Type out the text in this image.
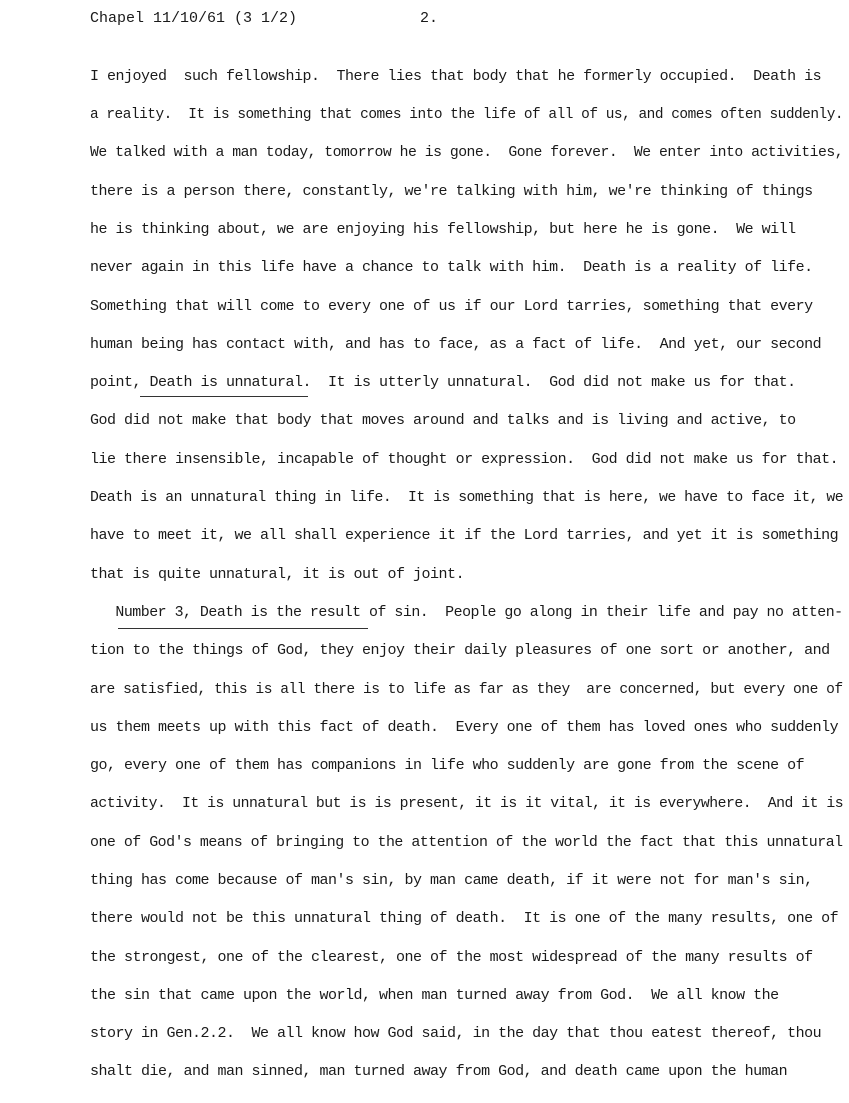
Chapel 11/10/61 (3 1/2)	2.
I enjoyed  such fellowship.  There lies that body that he formerly occupied.  Death is
a reality.  It is something that comes into the life of all of us, and comes often suddenly.
We talked with a man today, tomorrow he is gone.  Gone forever.  We enter into activities,
there is a person there, constantly, we're talking with him, we're thinking of things
he is thinking about, we are enjoying his fellowship, but here he is gone.  We will
never again in this life have a chance to talk with him.  Death is a reality of life.
Something that will come to every one of us if our Lord tarries, something that every
human being has contact with, and has to face, as a fact of life.  And yet, our second
point, Death is unnatural.  It is utterly unnatural.  God did not make us for that.
God did not make that body that moves around and talks and is living and active, to
lie there insensible, incapable of thought or expression.  God did not make us for that.
Death is an unnatural thing in life.  It is something that is here, we have to face it, we
have to meet it, we all shall experience it if the Lord tarries, and yet it is something
that is quite unnatural, it is out of joint.
Number 3, Death is the result of sin.  People go along in their life and pay no atten-
tion to the things of God, they enjoy their daily pleasures of one sort or another, and
are satisfied, this is all there is to life as far as they  are concerned, but every one of
us them meets up with this fact of death.  Every one of them has loved ones who suddenly
go, every one of them has companions in life who suddenly are gone from the scene of
activity.  It is unnatural but is is present, it is it vital, it is everywhere.  And it is
one of God's means of bringing to the attention of the world the fact that this unnatural
thing has come because of man's sin, by man came death, if it were not for man's sin,
there would not be this unnatural thing of death.  It is one of the many results, one of
the strongest, one of the clearest, one of the most widespread of the many results of
the sin that came upon the world, when man turned away from God.  We all know the
story in Gen.2.2.  We all know how God said, in the day that thou eatest thereof, thou
shalt die, and man sinned, man turned away from God, and death came upon the human
